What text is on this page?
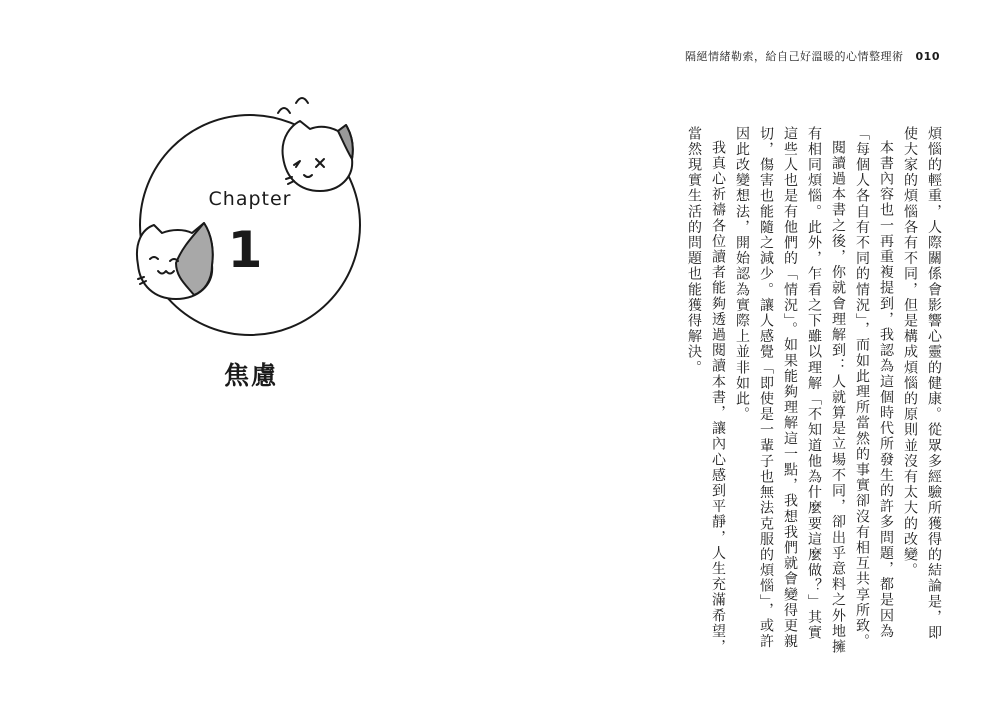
Chapter
1
焦慮
隔絕情緒勒索，給自己好溫暖的心情整理術 010

煩惱的輕重，人際關係會影響心靈的健康。從眾多經驗所獲得的結論是，即使大家的煩惱各有不同，但是構成煩惱的原則並沒有太大的改變。

本書內容也一再重複提到，我認為這個時代所發生的許多問題，都是因為「每個人各自有不同的情況」，而如此理所當然的事實卻沒有相互共享所致。

閱讀過本書之後，你就會理解到：人就算是立場不同，卻出乎意料之外地擁有相同煩惱。此外，乍看之下雖以理解「不知道他為什麼要這麼做？」其實這些人也是有他們的「情況」。如果能夠理解這一點，我想我們就會變得更親切，傷害也能隨之減少。讓人感覺「即使是一輩子也無法克服的煩惱」，或許因此改變想法，開始認為實際上並非如此。

我真心祈禱各位讀者能夠透過閱讀本書，讓內心感到平靜，人生充滿希望，當然現實生活的問題也能獲得解決。
